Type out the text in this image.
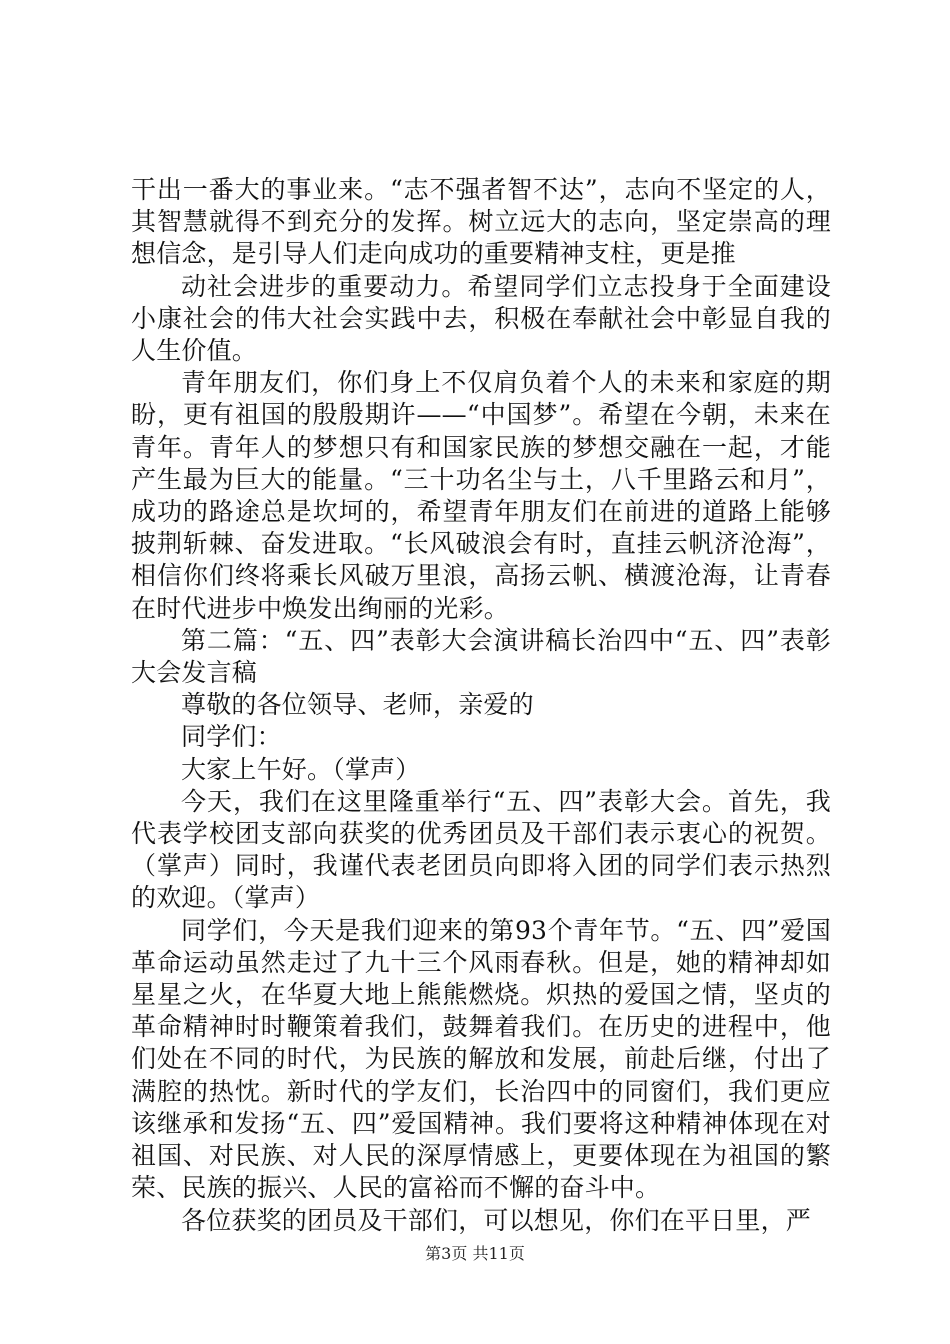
干出一番大的事业来。“志不强者智不达”，志向不坚定的人，其智慧就得不到充分的发挥。树立远大的志向，坚定崇高的理想信念，是引导人们走向成功的重要精神支柱，更是推

动社会进步的重要动力。希望同学们立志投身于全面建设小康社会的伟大社会实践中去，积极在奉献社会中彰显自我的人生价值。

青年朋友们，你们身上不仅肩负着个人的未来和家庭的期盼，更有祖国的殷殷期许——“中国梦”。希望在今朝，未来在青年。青年人的梦想只有和国家民族的梦想交融在一起，才能产生最为巨大的能量。“三十功名尘与土，八千里路云和月”，成功的路途总是坎坷的，希望青年朋友们在前进的道路上能够披荆斩棘、奋发进取。“长风破浪会有时，直挂云帆济沧海”，相信你们终将乘长风破万里浪，高扬云帆、横渡沧海，让青春在时代进步中焕发出绚丽的光彩。

第二篇：“五、四”表彰大会演讲稿长治四中“五、四”表彰大会发言稿

尊敬的各位领导、老师，亲爱的

同学们：

大家上午好。（掌声）

今天，我们在这里隆重举行“五、四”表彰大会。首先，我代表学校团支部向获奖的优秀团员及干部们表示衷心的祝贺。（掌声）同时，我谨代表老团员向即将入团的同学们表示热烈的欢迎。（掌声）

同学们，今天是我们迎来的第93个青年节。“五、四”爱国革命运动虽然走过了九十三个风雨春秋。但是，她的精神却如星星之火，在华夏大地上熊熊燃烧。炽热的爱国之情，坚贞的革命精神时时鞭策着我们，鼓舞着我们。在历史的进程中，他们处在不同的时代，为民族的解放和发展，前赴后继，付出了满腔的热忱。新时代的学友们，长治四中的同窗们，我们更应该继承和发扬“五、四”爱国精神。我们要将这种精神体现在对祖国、对民族、对人民的深厚情感上，更要体现在为祖国的繁荣、民族的振兴、人民的富裕而不懈的奋斗中。

各位获奖的团员及干部们，可以想见，你们在平日里，严

第3页 共11页
